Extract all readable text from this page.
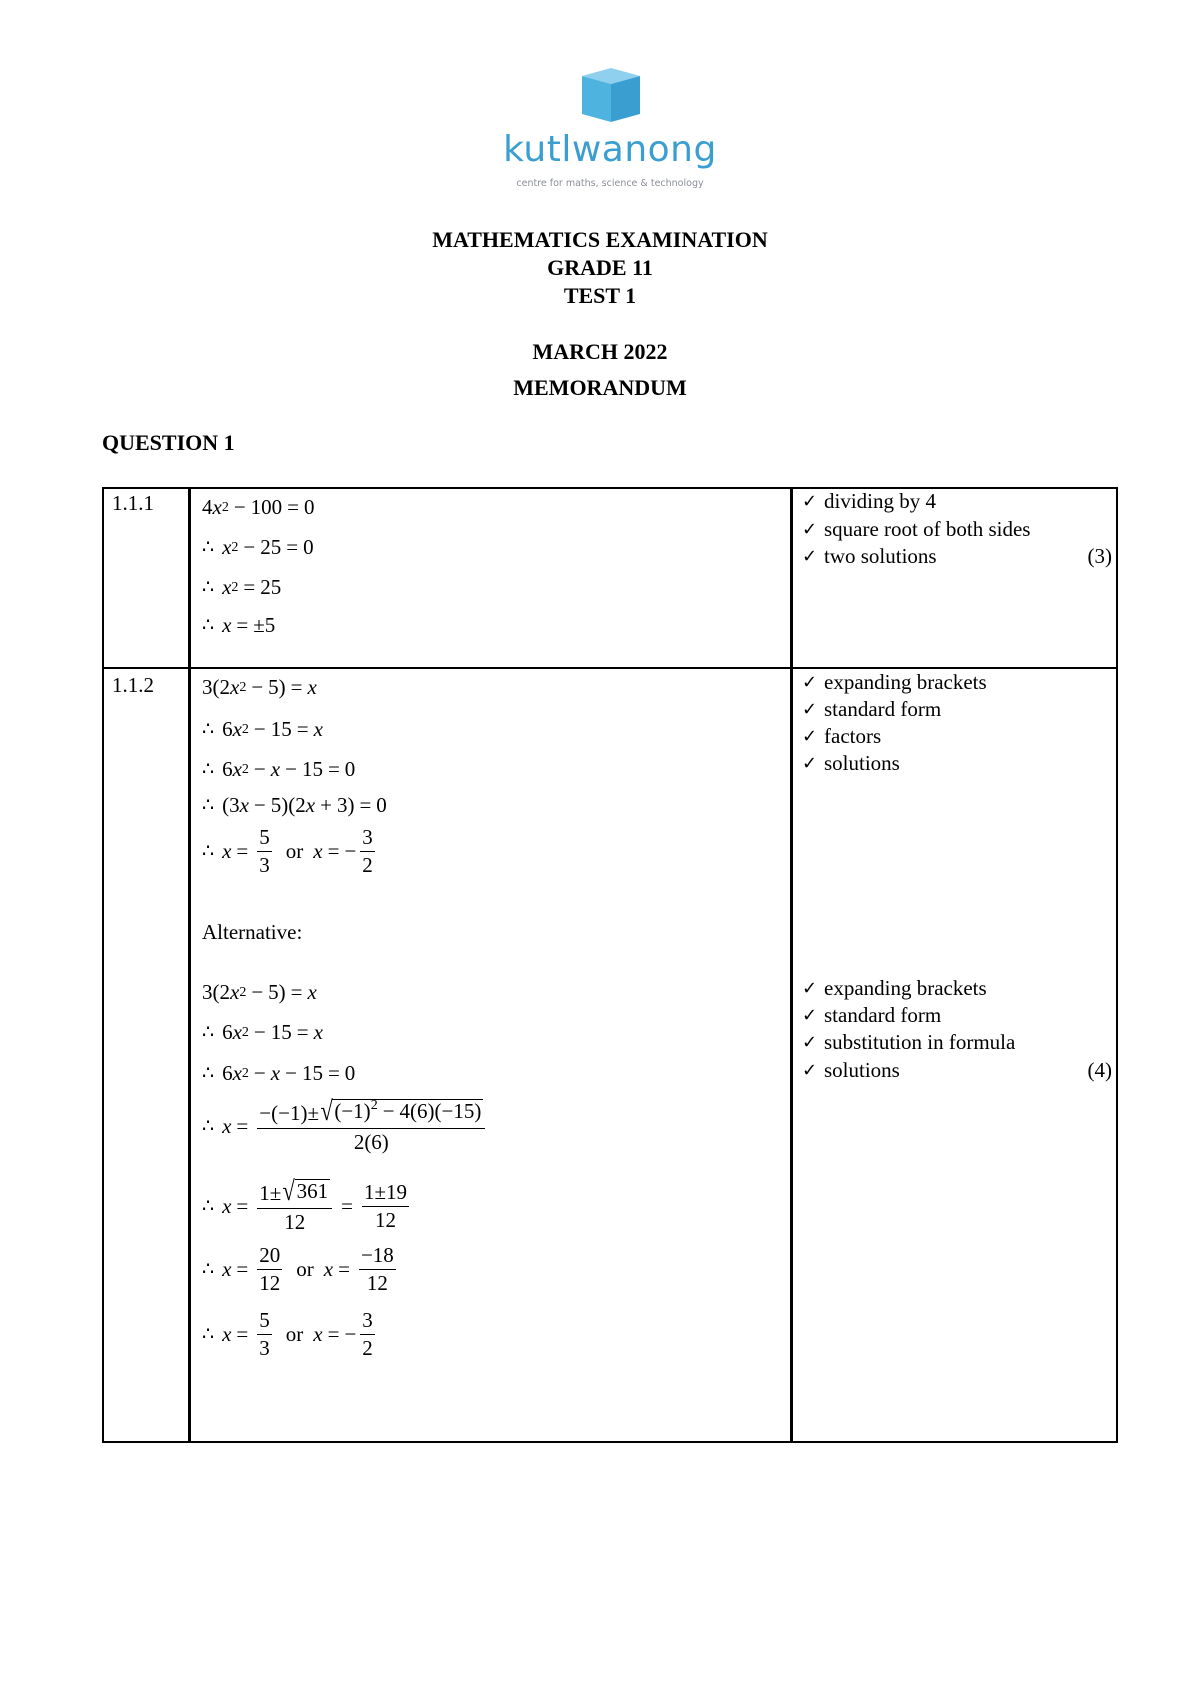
kutlwanong
centre for maths, science & technology
MATHEMATICS EXAMINATION
GRADE 11
TEST 1
MARCH 2022
MEMORANDUM
QUESTION 1
1.1.1 4 x 2 − 100 = 0
∴ x 2 − 25 = 0
∴ x 2 = 25
∴ x = ±5
✓ dividing by 4
✓ square root of both sides
✓ two solutions	(3)
1.1.2 3(2 x 2 − 5) = x
∴ 6 x 2 − 15 = x
∴ 6 x 2 − x − 15 = 0
∴ (3 x − 5)(2 x + 3) = 0
∴ $x = \frac{5}{3}$ or x = − $\frac{3}{2}$
Alternative:
3(2 x 2 − 5) = x
∴ 6 x 2 − 15 = x
∴ 6 x 2 − x − 15 = 0
∴ $x = \frac{-(-1)\pm √ (-1)^2 - 4(6)(-15)}{2(6)}$
∴ $x = \frac{1\pm √ 361}{12} = \frac{1\pm 19}{12}$
∴ $x = \frac{20}{12}$ or $x = \frac{-18}{12}$
∴ $x = \frac{5}{3}$ or x = − $\frac{3}{2}$
✓ expanding brackets
✓ standard form
✓ factors
✓ solutions
✓ expanding brackets
✓ standard form
✓ substitution in formula
✓ solutions	(4)
